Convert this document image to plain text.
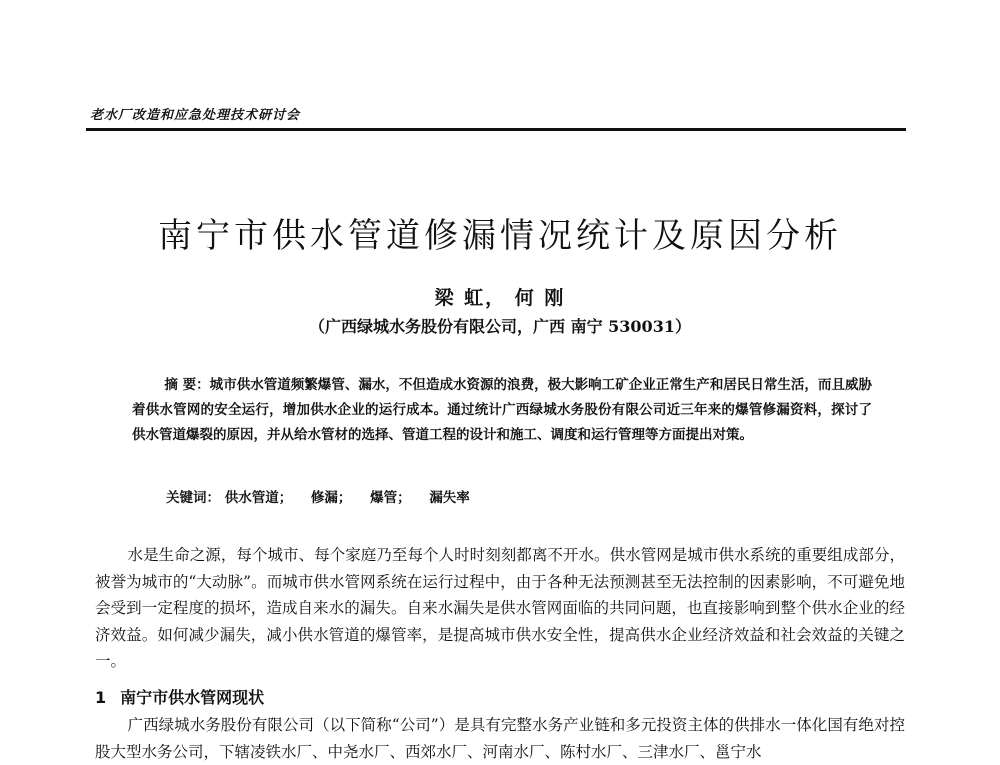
老水厂改造和应急处理技术研讨会
南宁市供水管道修漏情况统计及原因分析
梁 虹， 何 刚
（广西绿城水务股份有限公司，广西 南宁 530031）
摘 要：城市供水管道频繁爆管、漏水，不但造成水资源的浪费，极大影响工矿企业正常生产和居民日常生活，而且威胁着供水管网的安全运行，增加供水企业的运行成本。通过统计广西绿城水务股份有限公司近三年来的爆管修漏资料，探讨了供水管道爆裂的原因，并从给水管材的选择、管道工程的设计和施工、调度和运行管理等方面提出对策。
关键词： 供水管道； 修漏； 爆管； 漏失率
水是生命之源，每个城市、每个家庭乃至每个人时时刻刻都离不开水。供水管网是城市供水系统的重要组成部分，被誉为城市的“大动脉”。而城市供水管网系统在运行过程中，由于各种无法预测甚至无法控制的因素影响，不可避免地会受到一定程度的损坏，造成自来水的漏失。自来水漏失是供水管网面临的共同问题，也直接影响到整个供水企业的经济效益。如何减少漏失，减小供水管道的爆管率，是提高城市供水安全性，提高供水企业经济效益和社会效益的关键之一。
1 南宁市供水管网现状
广西绿城水务股份有限公司（以下简称“公司”）是具有完整水务产业链和多元投资主体的供排水一体化国有绝对控股大型水务公司，下辖凌铁水厂、中尧水厂、西郊水厂、河南水厂、陈村水厂、三津水厂、邕宁水
